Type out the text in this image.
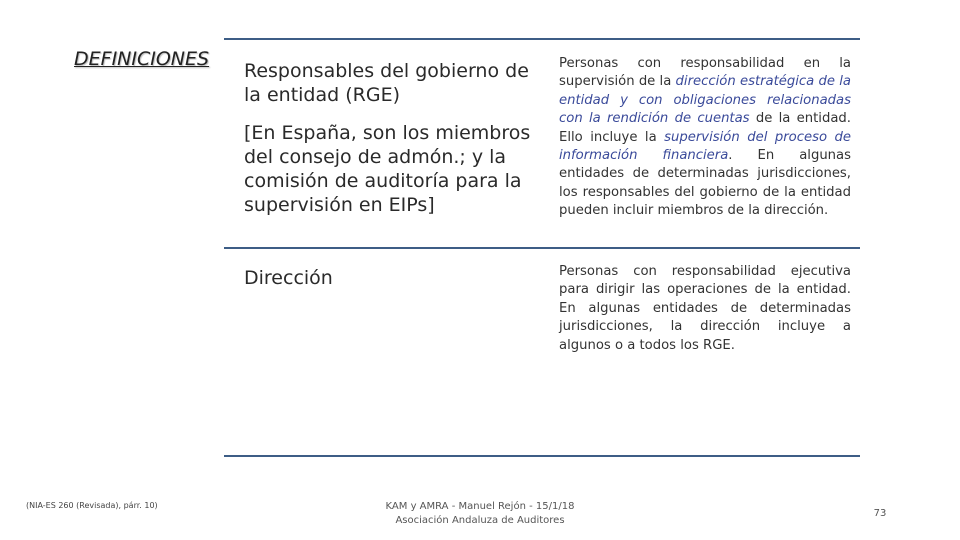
DEFINICIONES
Responsables del gobierno de la entidad (RGE)
[En España, son los miembros del consejo de admón.; y la comisión de auditoría para la supervisión en EIPs]
Personas con responsabilidad en la supervisión de la dirección estratégica de la entidad y con obligaciones relacionadas con la rendición de cuentas de la entidad. Ello incluye la supervisión del proceso de información financiera. En algunas entidades de determinadas jurisdicciones, los responsables del gobierno de la entidad pueden incluir miembros de la dirección.
Dirección	Personas con responsabilidad ejecutiva para dirigir las operaciones de la entidad. En algunas entidades de determinadas jurisdicciones, la dirección incluye a algunos o a todos los RGE.
(NIA-ES 260 (Revisada), párr. 10)	KAM y AMRA - Manuel Rejón - 15/1/18
Asociación Andaluza de Auditores
73
